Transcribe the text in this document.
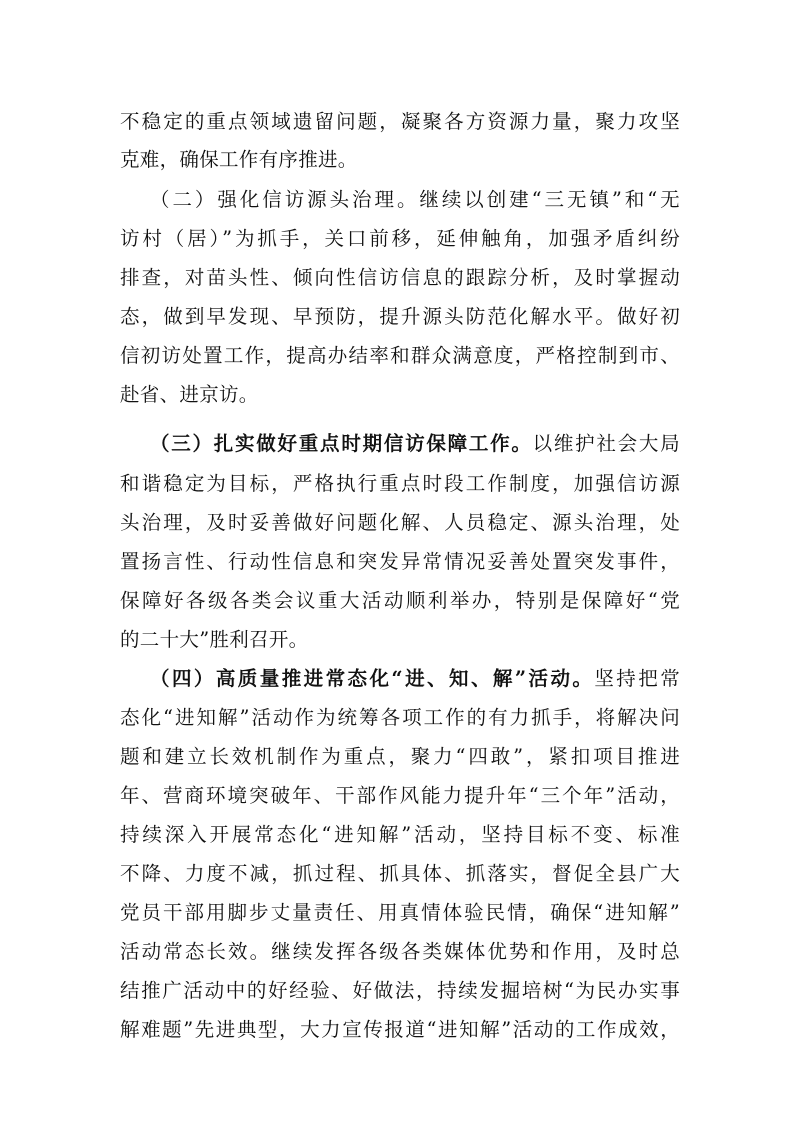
不稳定的重点领域遗留问题，凝聚各方资源力量，聚力攻坚
克难，确保工作有序推进。
（二）强化信访源头治理。继续以创建“三无镇”和“无
访村（居）”为抓手，关口前移，延伸触角，加强矛盾纠纷
排查，对苗头性、倾向性信访信息的跟踪分析，及时掌握动
态，做到早发现、早预防，提升源头防范化解水平。做好初
信初访处置工作，提高办结率和群众满意度，严格控制到市、
赴省、进京访。
（三）扎实做好重点时期信访保障工作。以维护社会大局
和谐稳定为目标，严格执行重点时段工作制度，加强信访源
头治理，及时妥善做好问题化解、人员稳定、源头治理，处
置扬言性、行动性信息和突发异常情况妥善处置突发事件，
保障好各级各类会议重大活动顺利举办，特别是保障好“党
的二十大”胜利召开。
（四）高质量推进常态化“进、知、解”活动。坚持把常
态化“进知解”活动作为统筹各项工作的有力抓手，将解决问
题和建立长效机制作为重点，聚力“四敢”，紧扣项目推进
年、营商环境突破年、干部作风能力提升年“三个年”活动，
持续深入开展常态化“进知解”活动，坚持目标不变、标准
不降、力度不减，抓过程、抓具体、抓落实，督促全县广大
党员干部用脚步丈量责任、用真情体验民情，确保“进知解”
活动常态长效。继续发挥各级各类媒体优势和作用，及时总
结推广活动中的好经验、好做法，持续发掘培树“为民办实事
解难题”先进典型，大力宣传报道“进知解”活动的工作成效，
